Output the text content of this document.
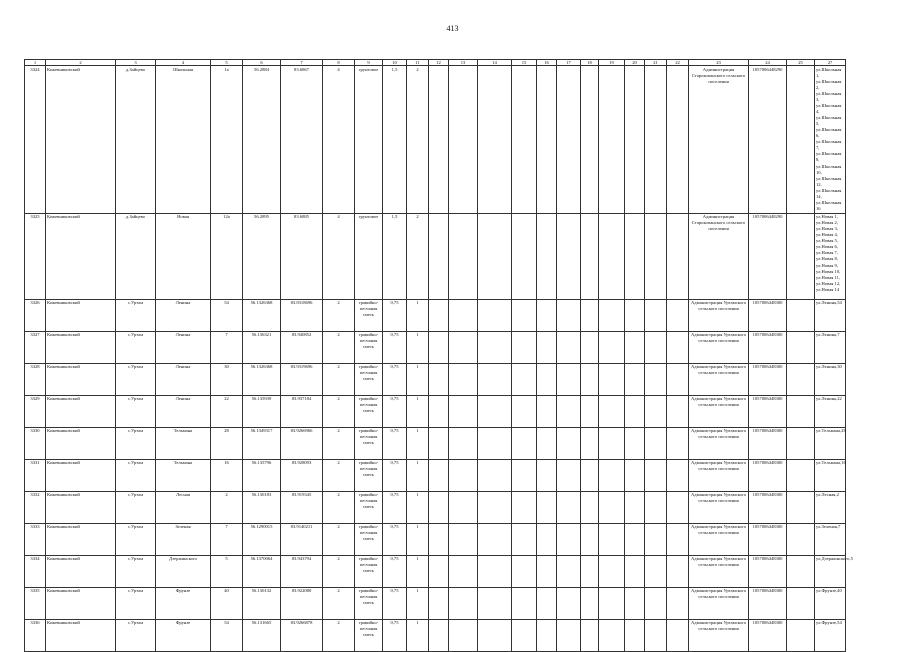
413
1	2	3	4	5	6	7	8	9	10	11	12	13	14	15	16	17	18	19	20	21	22	23	24	25	27
3324	Кожевниковский	д.Зайцево	Школьная	1а	56.2884	83.6867	4	грунтовое	1,5	2												Администрация Старокопанского сельского поселения	1057006448290		ул.Школьная 1, ул.Школьная 2, ул.Школьная 3, ул.Школьная 4, ул.Школьная 5, ул.Школьная 6, ул.Школьная 7, ул.Школьная 8, ул.Школьная 10, ул.Школьная 12, ул.Школьная 14, ул.Школьная 16
3325	Кожевниковский	д.Зайцево	Новая	12а	56.2895	83.6885	4	грунтовое	1,5	2												Администрация Старокопанского сельского поселения	1057006448290		ул.Новая 1, ул.Новая 2, ул.Новая 3, ул.Новая 4, ул.Новая 5, ул.Новая 6, ул.Новая 7, ул.Новая 8, ул.Новая 9, ул.Новая 10, ул.Новая 11, ул.Новая 12, ул.Новая 14
3326	Кожевниковский	с.Уртам	Ленина	54	56.1326368	83.8318696	2	гравийно-песчаная смесь	0,75	1												Администрация Уртамского сельского поселения	1057006448300		ул.Ленина,54
3327	Кожевниковский	с.Уртам	Ленина	7	56.136321	83.940852	2	гравийно-песчаная смесь	0,75	1												Администрация Уртамского сельского поселения	1057006448300		ул.Ленина,7
3328	Кожевниковский	с.Уртам	Ленина	30	56.1326368	83.9319696	2	гравийно-песчаная смесь	0,75	1												Администрация Уртамского сельского поселения	1057006448300		ул.Ленина,30
3329	Кожевниковский	с.Уртам	Ленина	22	56.135939	83.937184	2	гравийно-песчаная смесь	0,75	1												Администрация Уртамского сельского поселения	1057006448300		ул.Ленина,22
3330	Кожевниковский	с.Уртам	Тельмана	28	56.1349317	83.9266966	2	гравийно-песчаная смесь	0,75	1												Администрация Уртамского сельского поселения	1057006448300		ул.Тельмана,28
3331	Кожевниковский	с.Уртам	Тельмана	16	56.135796	83.928093	2	гравийно-песчаная смесь	0,75	1												Администрация Уртамского сельского поселения	1057006448300		ул.Тельмана,16
3332	Кожевниковский	с.Уртам	Лесная	2	56.130183	83.919345	2	гравийно-песчаная смесь	0,75	1												Администрация Уртамского сельского поселения	1057006448300		ул.Лесная,2
3333	Кожевниковский	с.Уртам	Зеленая	7	56.1290015	83.9140211	2	гравийно-песчаная смесь	0,75	1												Администрация Уртамского сельского поселения	1057006448300		ул.Зеленая,7
3334	Кожевниковский	с.Уртам	Дзержинского	5	56.1370064	83.943794	2	гравийно-песчаная смесь	0,75	1												Администрация Уртамского сельского поселения	1057006448300		ул.Дзержинского,5
3335	Кожевниковский	с.Уртам	Фрунзе	40	56.130132	83.922080	2	гравийно-песчаная смесь	0,75	1												Администрация Уртамского сельского поселения	1057006448300		ул.Фрунзе,40
3336	Кожевниковский	с.Уртам	Фрунзе	54	56.131665	83.9266878	2	гравийно-песчаная смесь	0,75	1												Администрация Уртамского сельского поселения	1057006448300		ул.Фрунзе,54
